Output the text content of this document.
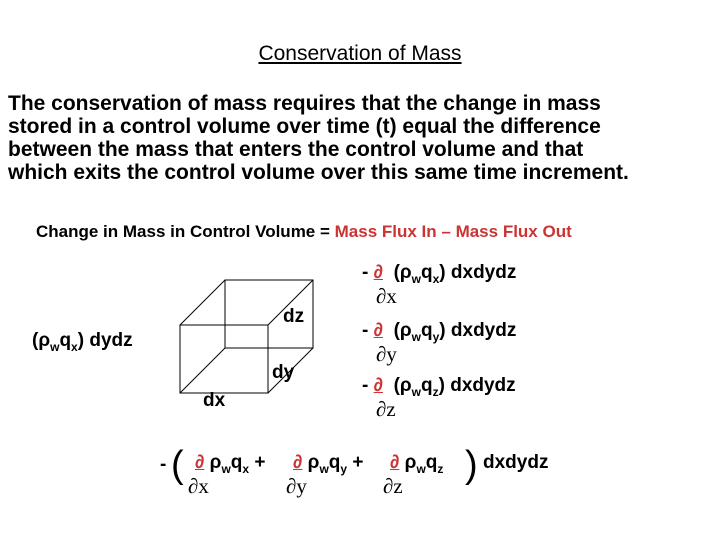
Conservation of Mass
The conservation of mass requires that the change in mass
stored in a control volume over time (t) equal the difference
between the mass that enters the control volume and that
which exits the control volume over this same time increment.
Change in Mass in Control Volume = Mass Flux In – Mass Flux Out
dz
dy
dx
$(\rho_wq_x)$ dydz
- ∂ $(\rho_wq_x)$ dxdydz
∂x
- ∂ $(\rho_wq_y)$ dxdydz
∂y
- ∂ $(\rho_wq_z)$ dxdydz
∂z
- ( ∂ $\rho_wq_x$ +
∂x
∂ $\rho_wq_y$ +
∂y
∂ $\rho_wq_z$
∂z ) dxdydz
